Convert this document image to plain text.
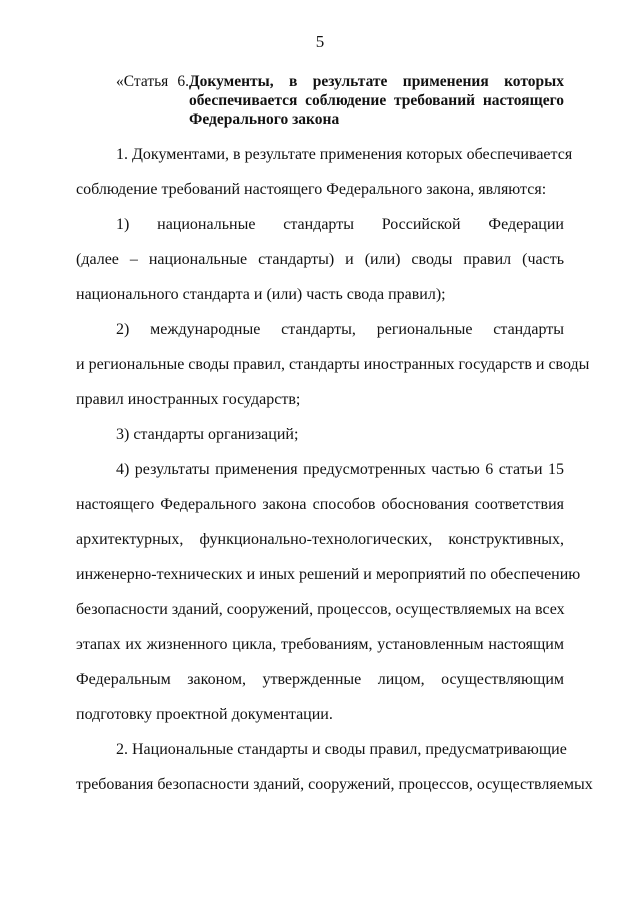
5
«Статья 6.Документы, в результате применения которых
обеспечивается соблюдение требований настоящего
Федерального закона
1. Документами, в результате применения которых обеспечивается
соблюдение требований настоящего Федерального закона, являются:
1) национальные стандарты Российской Федерации
(далее – национальные стандарты) и (или) своды правил (часть
национального стандарта и (или) часть свода правил);
2) международные стандарты, региональные стандарты
и региональные своды правил, стандарты иностранных государств и своды
правил иностранных государств;
3) стандарты организаций;
4) результаты применения предусмотренных частью 6 статьи 15
настоящего Федерального закона способов обоснования соответствия
архитектурных, функционально-технологических, конструктивных,
инженерно-технических и иных решений и мероприятий по обеспечению
безопасности зданий, сооружений, процессов, осуществляемых на всех
этапах их жизненного цикла, требованиям, установленным настоящим
Федеральным законом, утвержденные лицом, осуществляющим
подготовку проектной документации.
2. Национальные стандарты и своды правил, предусматривающие
требования безопасности зданий, сооружений, процессов, осуществляемых
